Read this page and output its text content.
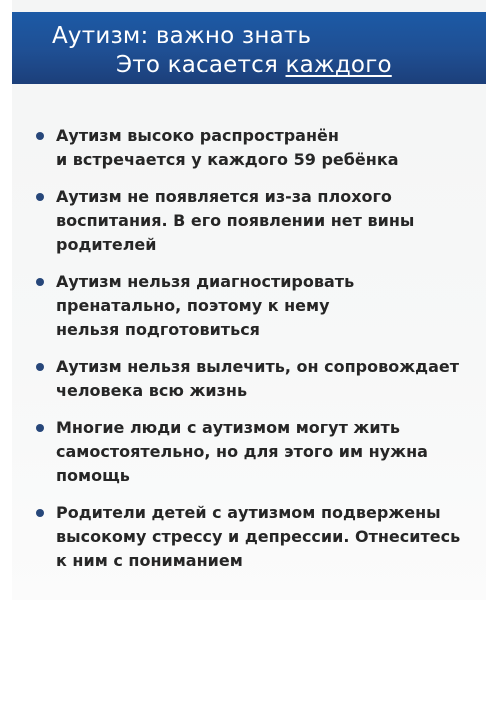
Аутизм: важно знать
Это касается каждого
Аутизм высоко распространён
и встречается у каждого 59 ребёнка
Аутизм не появляется из-за плохого
воспитания. В его появлении нет вины
родителей
Аутизм нельзя диагностировать
пренатально, поэтому к нему
нельзя подготовиться
Аутизм нельзя вылечить, он сопровождает
человека всю жизнь
Многие люди с аутизмом могут жить
самостоятельно, но для этого им нужна
помощь
Родители детей с аутизмом подвержены
высокому стрессу и депрессии. Отнеситесь
к ним с пониманием
